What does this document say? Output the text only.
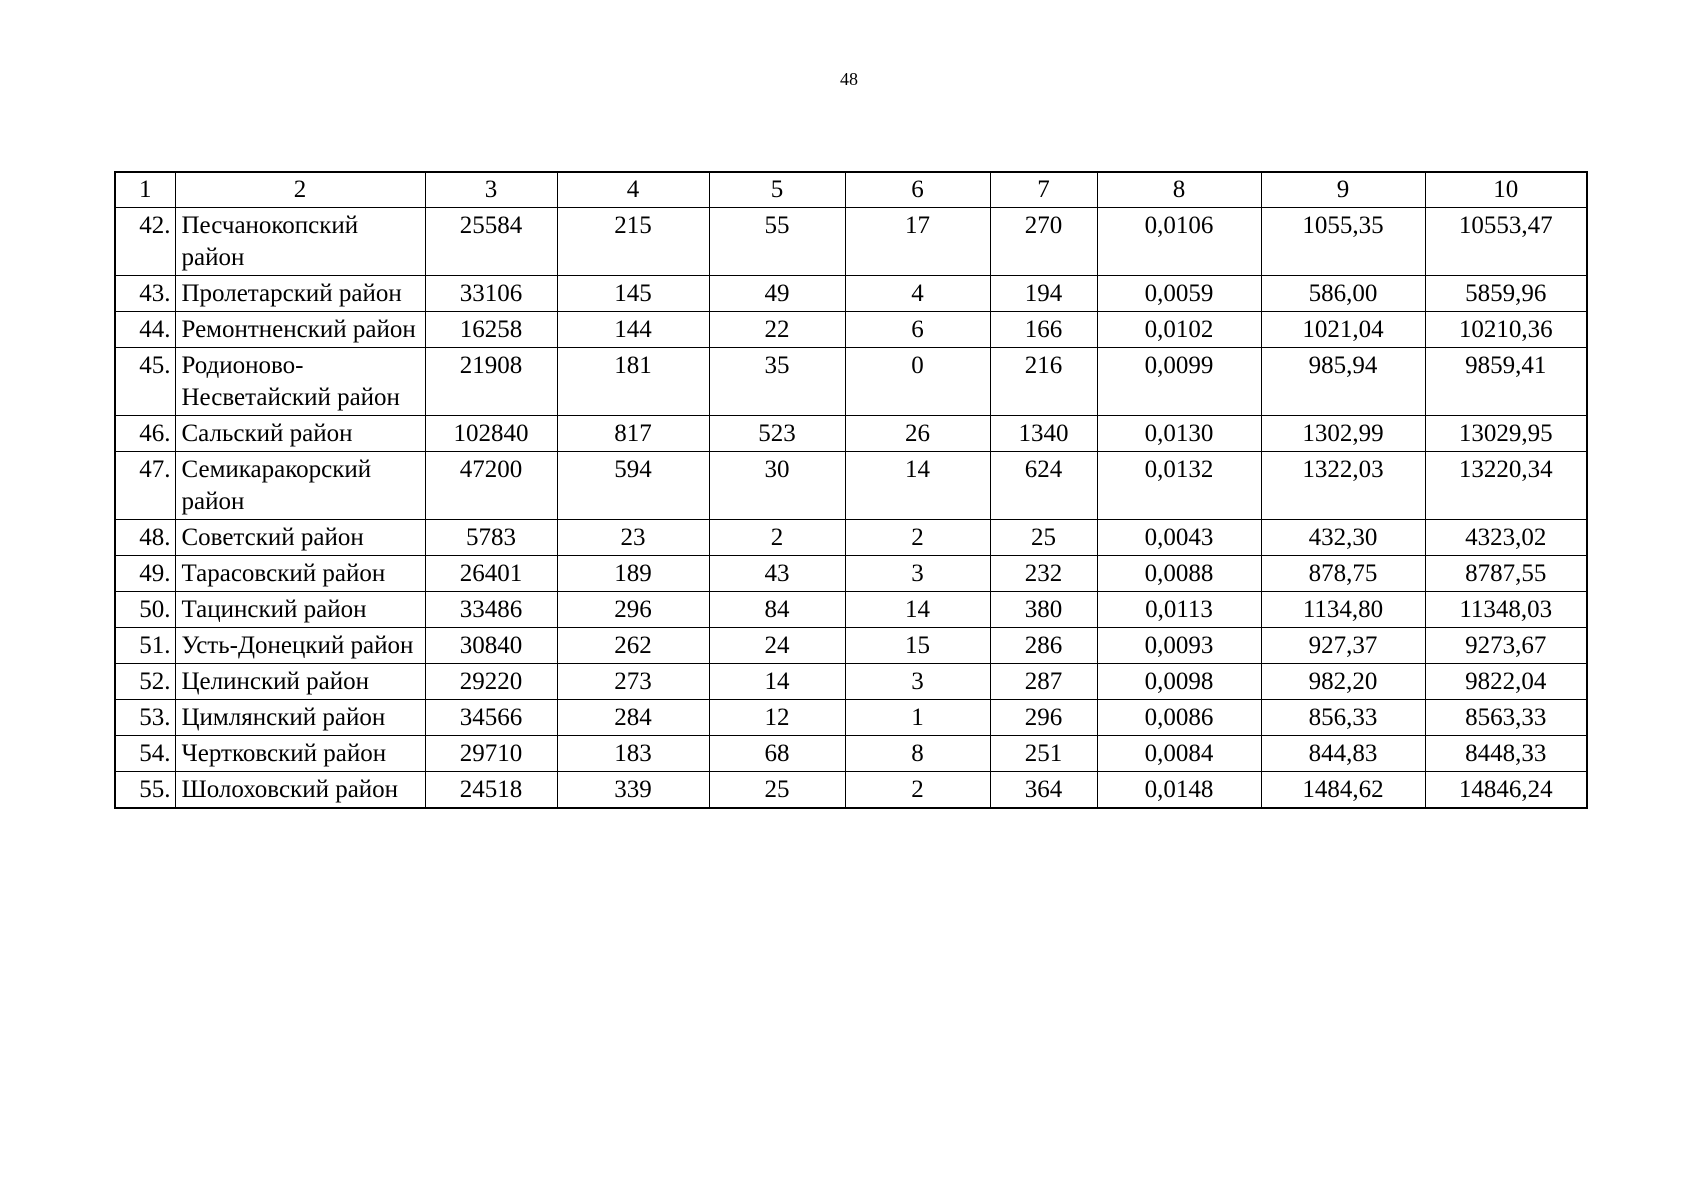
48
1	2	3	4	5	6	7	8	9	10
42.	Песчанокопский район	25584	215	55	17	270	0,0106	1055,35	10553,47
43.	Пролетарский район	33106	145	49	4	194	0,0059	586,00	5859,96
44.	Ремонтненский район	16258	144	22	6	166	0,0102	1021,04	10210,36
45.	Родионово-Несветайский район	21908	181	35	0	216	0,0099	985,94	9859,41
46.	Сальский район	102840	817	523	26	1340	0,0130	1302,99	13029,95
47.	Семикаракорский район	47200	594	30	14	624	0,0132	1322,03	13220,34
48.	Советский район	5783	23	2	2	25	0,0043	432,30	4323,02
49.	Тарасовский район	26401	189	43	3	232	0,0088	878,75	8787,55
50.	Тацинский район	33486	296	84	14	380	0,0113	1134,80	11348,03
51.	Усть-Донецкий район	30840	262	24	15	286	0,0093	927,37	9273,67
52.	Целинский район	29220	273	14	3	287	0,0098	982,20	9822,04
53.	Цимлянский район	34566	284	12	1	296	0,0086	856,33	8563,33
54.	Чертковский район	29710	183	68	8	251	0,0084	844,83	8448,33
55.	Шолоховский район	24518	339	25	2	364	0,0148	1484,62	14846,24
